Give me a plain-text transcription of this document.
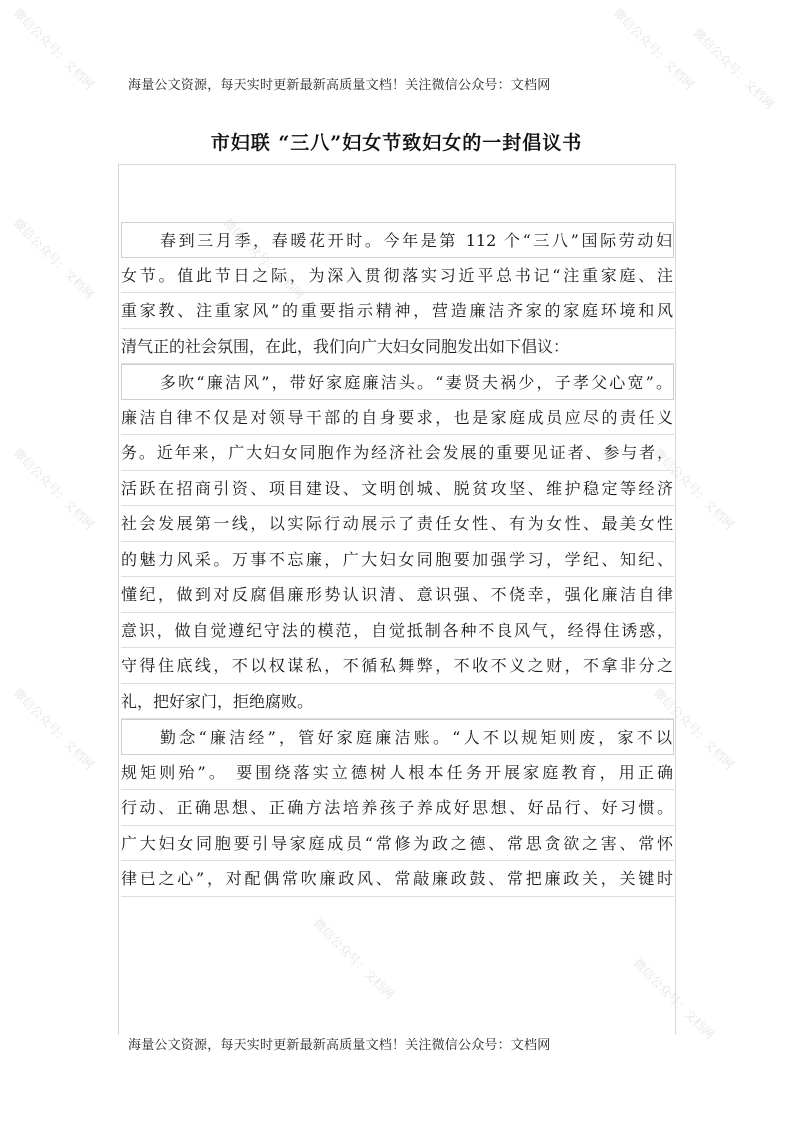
海量公文资源，每天实时更新最新高质量文档！关注微信公众号：文档网
市妇联 “三八”妇女节致妇女的一封倡议书
春到三月季，春暖花开时。今年是第 112 个“三八”国际劳动妇
女节。值此节日之际，为深入贯彻落实习近平总书记“注重家庭、注
重家教、注重家风”的重要指示精神，营造廉洁齐家的家庭环境和风
清气正的社会氛围，在此，我们向广大妇女同胞发出如下倡议：
多吹“廉洁风”，带好家庭廉洁头。“妻贤夫祸少，子孝父心宽”。
廉洁自律不仅是对领导干部的自身要求，也是家庭成员应尽的责任义
务。近年来，广大妇女同胞作为经济社会发展的重要见证者、参与者，
活跃在招商引资、项目建设、文明创城、脱贫攻坚、维护稳定等经济
社会发展第一线，以实际行动展示了责任女性、有为女性、最美女性
的魅力风采。万事不忘廉，广大妇女同胞要加强学习，学纪、知纪、
懂纪，做到对反腐倡廉形势认识清、意识强、不侥幸，强化廉洁自律
意识，做自觉遵纪守法的模范，自觉抵制各种不良风气，经得住诱惑，
守得住底线，不以权谋私，不循私舞弊，不收不义之财，不拿非分之
礼，把好家门，拒绝腐败。
勤念“廉洁经”，管好家庭廉洁账。“人不以规矩则废，家不以
规矩则殆”。 要围绕落实立德树人根本任务开展家庭教育，用正确
行动、正确思想、正确方法培养孩子养成好思想、好品行、好习惯。
广大妇女同胞要引导家庭成员“常修为政之德、常思贪欲之害、常怀
律已之心”，对配偶常吹廉政风、常敲廉政鼓、常把廉政关，关键时
海量公文资源，每天实时更新最新高质量文档！关注微信公众号：文档网
微信公众号：文档网	微信公众号：文档网
微信公众号：文档网
微信公众号：文档网
微信公众号：文档网
微信公众号：文档网
微信公众号：文档网
微信公众号：文档网
微信公众号：文档网
微信公众号：文档网	微信公众号：文档网
